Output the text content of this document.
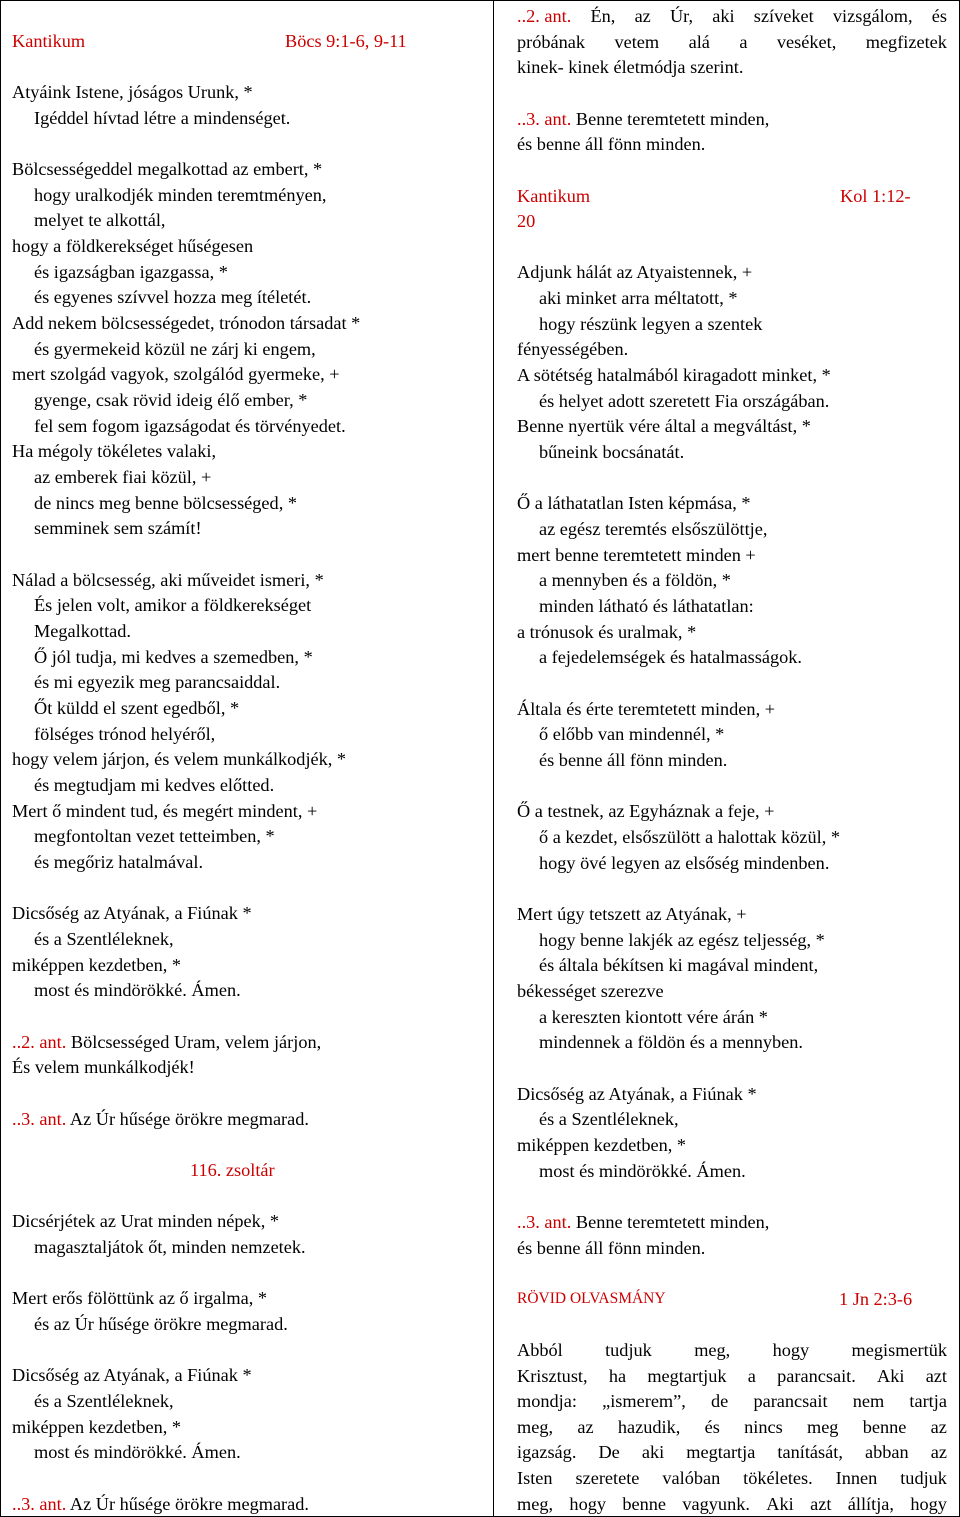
Kantikum	Böcs 9:1-6, 9-11
Atyáink Istene, jóságos Urunk, *
Igéddel hívtad létre a mindenséget.
Bölcsességeddel megalkottad az embert, *
hogy uralkodjék minden teremtményen,
melyet te alkottál,
hogy a földkerekséget hűségesen
és igazságban igazgassa, *
és egyenes szívvel hozza meg ítéletét.
Add nekem bölcsességedet, trónodon társadat *
és gyermekeid közül ne zárj ki engem,
mert szolgád vagyok, szolgálód gyermeke, +
gyenge, csak rövid ideig élő ember, *
fel sem fogom igazságodat és törvényedet.
Ha mégoly tökéletes valaki,
az emberek fiai közül, +
de nincs meg benne bölcsességed, *
semminek sem számít!
Nálad a bölcsesség, aki műveidet ismeri, *
És jelen volt, amikor a földkerekséget
Megalkottad.
Ő jól tudja, mi kedves a szemedben, *
és mi egyezik meg parancsaiddal.
Őt küldd el szent egedből, *
fölséges trónod helyéről,
hogy velem járjon, és velem munkálkodjék, *
és megtudjam mi kedves előtted.
Mert ő mindent tud, és megért mindent, +
megfontoltan vezet tetteimben, *
és megőriz hatalmával.
Dicsőség az Atyának, a Fiúnak *
és a Szentléleknek,
miképpen kezdetben, *
most és mindörökké. Ámen.
..2. ant. Bölcsességed Uram, velem járjon,
És velem munkálkodjék!
..3. ant. Az Úr hűsége örökre megmarad.
116. zsoltár
Dicsérjétek az Urat minden népek, *
magasztaljátok őt, minden nemzetek.
Mert erős fölöttünk az ő irgalma, *
és az Úr hűsége örökre megmarad.
Dicsőség az Atyának, a Fiúnak *
és a Szentléleknek,
miképpen kezdetben, *
most és mindörökké. Ámen.
..3. ant. Az Úr hűsége örökre megmarad.
..2. ant. Én, az Úr, aki szíveket vizsgálom, és
próbának vetem alá a veséket, megfizetek
kinek- kinek életmódja szerint.
..3. ant. Benne teremtetett minden,
és benne áll fönn minden.
Kantikum	Kol 1:12-
20
Adjunk hálát az Atyaistennek, +
aki minket arra méltatott, *
hogy részünk legyen a szentek
fényességében.
A sötétség hatalmából kiragadott minket, *
és helyet adott szeretett Fia országában.
Benne nyertük vére által a megváltást, *
bűneink bocsánatát.
Ő a láthatatlan Isten képmása, *
az egész teremtés elsőszülöttje,
mert benne teremtetett minden +
a mennyben és a földön, *
minden látható és láthatatlan:
a trónusok és uralmak, *
a fejedelemségek és hatalmasságok.
Általa és érte teremtetett minden, +
ő előbb van mindennél, *
és benne áll fönn minden.
Ő a testnek, az Egyháznak a feje, +
ő a kezdet, elsőszülött a halottak közül, *
hogy övé legyen az elsőség mindenben.
Mert úgy tetszett az Atyának, +
hogy benne lakjék az egész teljesség, *
és általa békítsen ki magával mindent,
békességet szerezve
a kereszten kiontott vére árán *
mindennek a földön és a mennyben.
Dicsőség az Atyának, a Fiúnak *
és a Szentléleknek,
miképpen kezdetben, *
most és mindörökké. Ámen.
..3. ant. Benne teremtetett minden,
és benne áll fönn minden.
RÖVID OLVASMÁNY	1 Jn 2:3-6
Abból tudjuk meg, hogy megismertük
Krisztust, ha megtartjuk a parancsait. Aki azt
mondja: „ismerem”, de parancsait nem tartja
meg, az hazudik, és nincs meg benne az
igazság. De aki megtartja tanítását, abban az
Isten szeretete valóban tökéletes. Innen tudjuk
meg, hogy benne vagyunk. Aki azt állítja, hogy
